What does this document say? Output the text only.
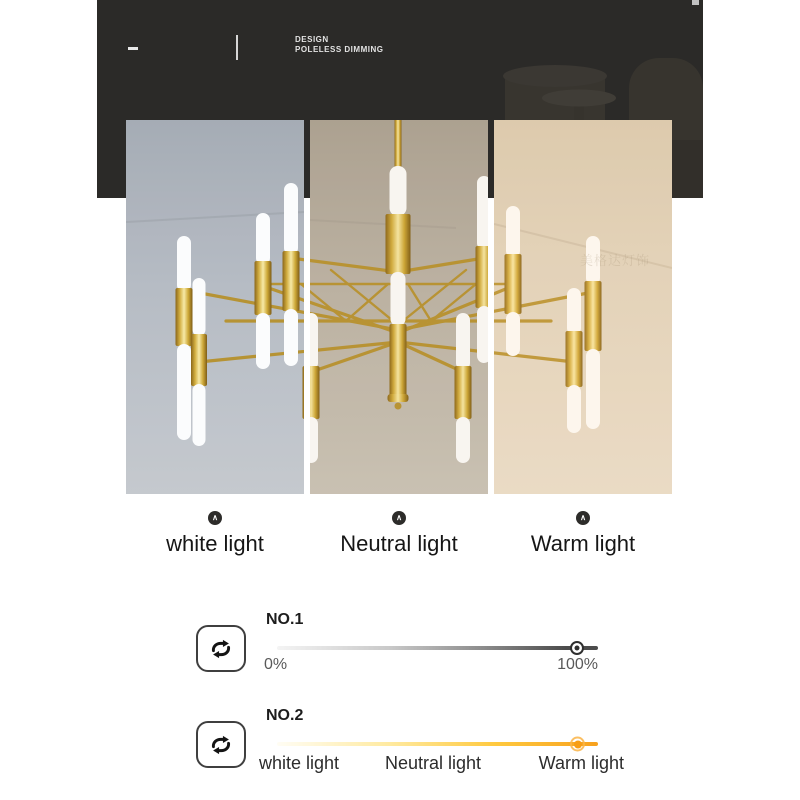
DESIGN
POLELESS DIMMING
美格达灯饰
∧	∧	∧
white light	Neutral light	Warm light
NO.1
0%	100%
NO.2
white light	Neutral light	Warm light
